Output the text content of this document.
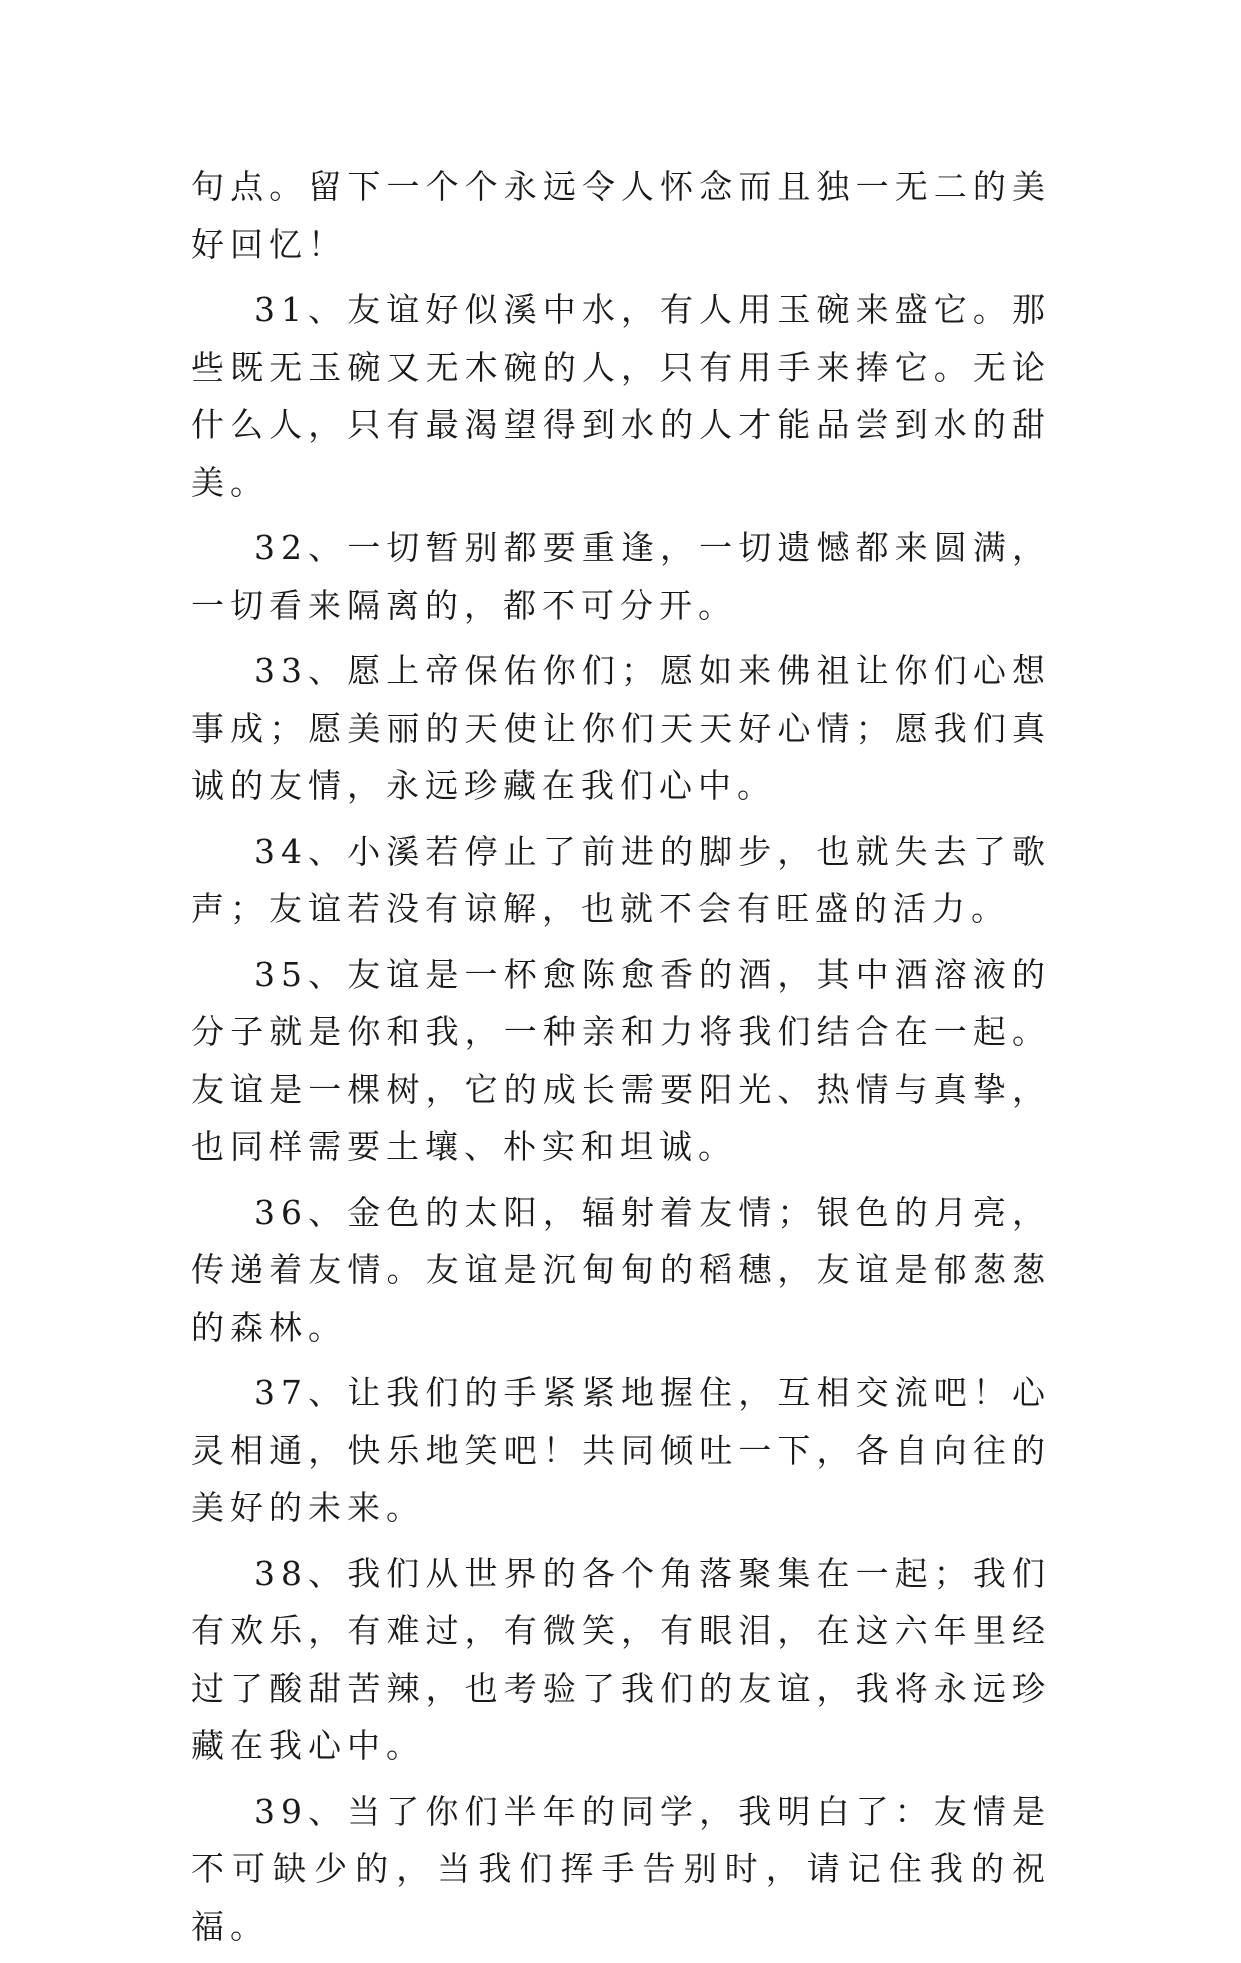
句点。留下一个个永远令人怀念而且独一无二的美好回忆！

31、友谊好似溪中水，有人用玉碗来盛它。那些既无玉碗又无木碗的人，只有用手来捧它。无论什么人，只有最渴望得到水的人才能品尝到水的甜美。

32、一切暂别都要重逢，一切遗憾都来圆满，一切看来隔离的，都不可分开。

33、愿上帝保佑你们；愿如来佛祖让你们心想事成；愿美丽的天使让你们天天好心情；愿我们真诚的友情，永远珍藏在我们心中。

34、小溪若停止了前进的脚步，也就失去了歌声；友谊若没有谅解，也就不会有旺盛的活力。

35、友谊是一杯愈陈愈香的酒，其中酒溶液的分子就是你和我，一种亲和力将我们结合在一起。友谊是一棵树，它的成长需要阳光、热情与真挚，也同样需要土壤、朴实和坦诚。

36、金色的太阳，辐射着友情；银色的月亮，传递着友情。友谊是沉甸甸的稻穗，友谊是郁葱葱的森林。

37、让我们的手紧紧地握住，互相交流吧！心灵相通，快乐地笑吧！共同倾吐一下，各自向往的美好的未来。

38、我们从世界的各个角落聚集在一起；我们有欢乐，有难过，有微笑，有眼泪，在这六年里经过了酸甜苦辣，也考验了我们的友谊，我将永远珍藏在我心中。

39、当了你们半年的同学，我明白了：友情是不可缺少的，当我们挥手告别时，请记住我的祝福。
